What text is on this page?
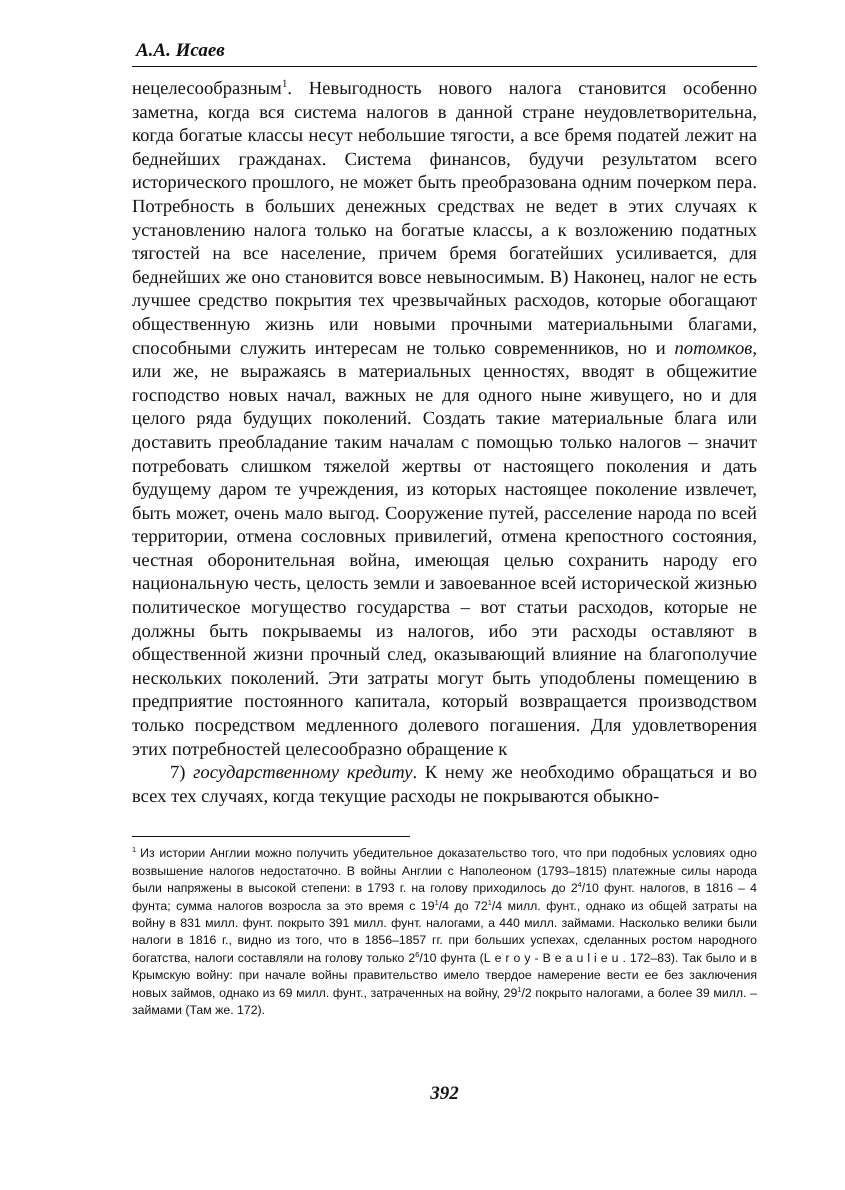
А.А. Исаев

нецелесообразным$^1$. Невыгодность нового налога становится особенно заметна, когда вся система налогов в данной стране неудовлетворительна, когда богатые классы несут небольшие тягости, а все бремя податей лежит на беднейших гражданах. Система финансов, будучи результатом всего исторического прошлого, не может быть преобразована одним почерком пера. Потребность в больших денежных средствах не ведет в этих случаях к установлению налога только на богатые классы, а к возложению податных тягостей на все население, причем бремя богатейших усиливается, для беднейших же оно становится вовсе невыносимым. В) Наконец, налог не есть лучшее средство покрытия тех чрезвычайных расходов, которые обогащают общественную жизнь или новыми прочными материальными благами, способными служить интересам не только современников, но и потомков, или же, не выражаясь в материальных ценностях, вводят в общежитие господство новых начал, важных не для одного ныне живущего, но и для целого ряда будущих поколений. Создать такие материальные блага или доставить преобладание таким началам с помощью только налогов – значит потребовать слишком тяжелой жертвы от настоящего поколения и дать будущему даром те учреждения, из которых настоящее поколение извлечет, быть может, очень мало выгод. Сооружение путей, расселение народа по всей территории, отмена сословных привилегий, отмена крепостного состояния, честная оборонительная война, имеющая целью сохранить народу его национальную честь, целость земли и завоеванное всей исторической жизнью политическое могущество государства – вот статьи расходов, которые не должны быть покрываемы из налогов, ибо эти расходы оставляют в общественной жизни прочный след, оказывающий влияние на благополучие нескольких поколений. Эти затраты могут быть уподоблены помещению в предприятие постоянного капитала, который возвращается производством только посредством медленного долевого погашения. Для удовлетворения этих потребностей целесообразно обращение к

7) государственному кредиту. К нему же необходимо обращаться и во всех тех случаях, когда текущие расходы не покрываются обыкно-

$^1$ Из истории Англии можно получить убедительное доказательство того, что при подобных условиях одно возвышение налогов недостаточно. В войны Англии с Наполеоном (1793–1815) платежные силы народа были напряжены в высокой степени: в 1793 г. на голову приходилось до $2^4/10$ фунт. налогов, в 1816 – 4 фунта; сумма налогов возросла за это время с $19^1/4$ до $72^1/4$ милл. фунт., однако из общей затраты на войну в 831 милл. фунт. покрыто 391 милл. фунт. налогами, а 440 милл. займами. Насколько велики были налоги в 1816 г., видно из того, что в 1856–1857 гг. при больших успехах, сделанных ростом народного богатства, налоги составляли на голову только $2^6/10$ фунта (Leroy-Beaulieu. 172–83). Так было и в Крымскую войну: при начале войны правительство имело твердое намерение вести ее без заключения новых займов, однако из 69 милл. фунт., затраченных на войну, $29^1/2$ покрыто налогами, а более 39 милл. – займами (Там же. 172).
392
